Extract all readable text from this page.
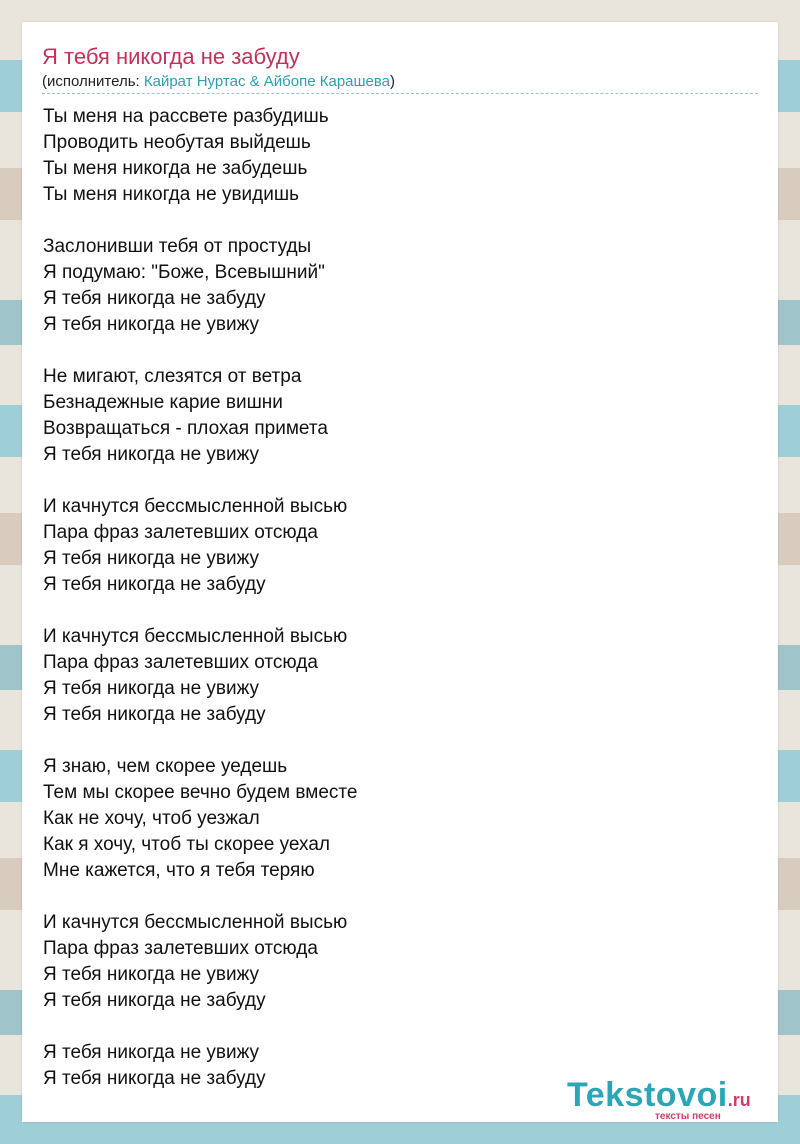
Я тебя никогда не забуду
(исполнитель: Кайрат Нуртас & Айбопе Карашева)
Ты меня на рассвете разбудишь
Проводить необутая выйдешь
Ты меня никогда не забудешь
Ты меня никогда не увидишь
Заслонивши тебя от простуды
Я подумаю: "Боже, Всевышний"
Я тебя никогда не забуду
Я тебя никогда не увижу
Не мигают, слезятся от ветра
Безнадежные карие вишни
Возвращаться - плохая примета
Я тебя никогда не увижу
И качнутся бессмысленной высью
Пара фраз залетевших отсюда
Я тебя никогда не увижу
Я тебя никогда не забуду
И качнутся бессмысленной высью
Пара фраз залетевших отсюда
Я тебя никогда не увижу
Я тебя никогда не забуду
Я знаю, чем скорее уедешь
Тем мы скорее вечно будем вместе
Как не хочу, чтоб уезжал
Как я хочу, чтоб ты скорее уехал
Мне кажется, что я тебя теряю
И качнутся бессмысленной высью
Пара фраз залетевших отсюда
Я тебя никогда не увижу
Я тебя никогда не забуду
Я тебя никогда не увижу
Я тебя никогда не забуду	Tekstovoi.ru
тексты песен
